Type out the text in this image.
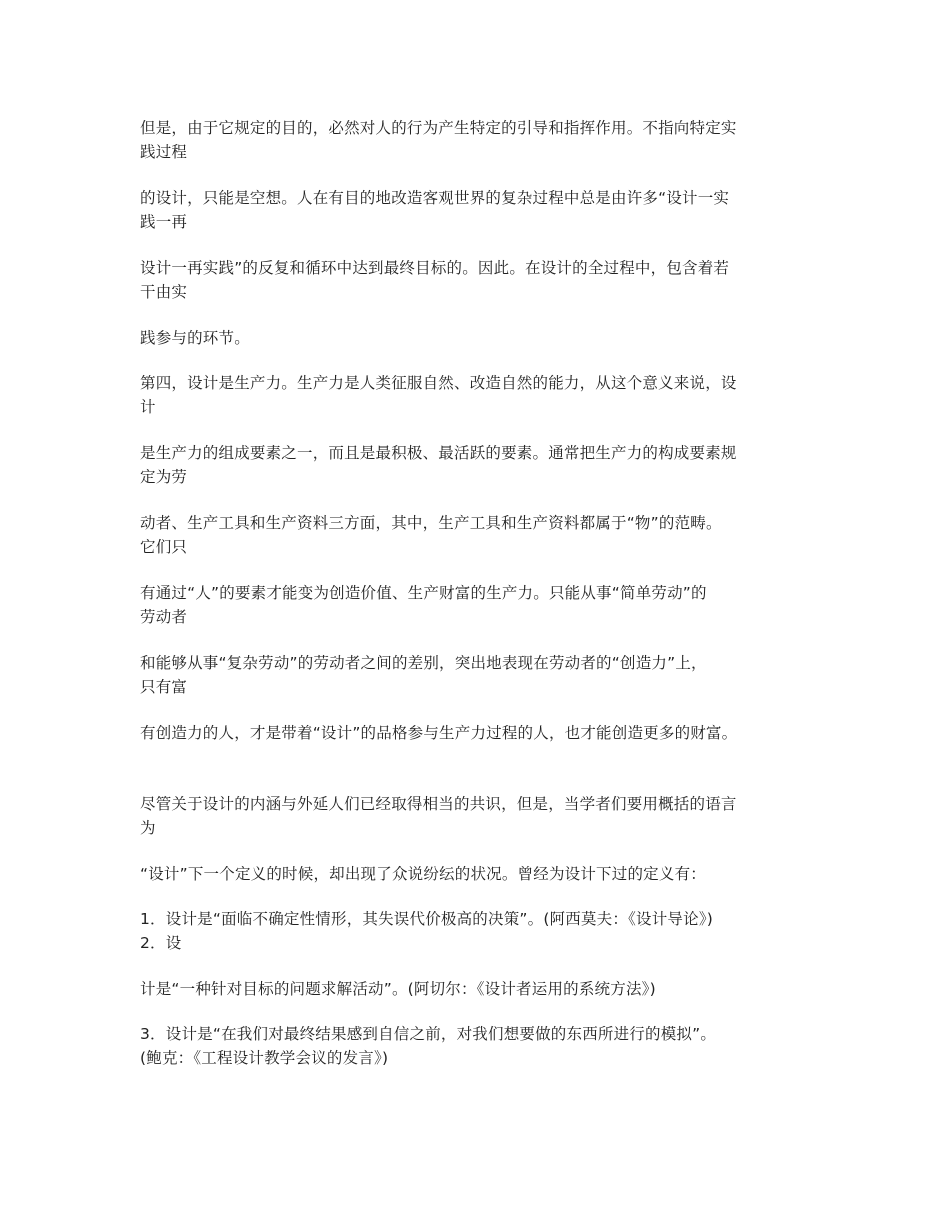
但是，由于它规定的目的，必然对人的行为产生特定的引导和指挥作用。不指向特定实
践过程

的设计，只能是空想。人在有目的地改造客观世界的复杂过程中总是由许多“设计一实
践一再

设计一再实践”的反复和循环中达到最终目标的。因此。在设计的全过程中，包含着若
干由实

践参与的环节。

第四，设计是生产力。生产力是人类征服自然、改造自然的能力，从这个意义来说，设
计

是生产力的组成要素之一，而且是最积极、最活跃的要素。通常把生产力的构成要素规
定为劳

动者、生产工具和生产资料三方面，其中，生产工具和生产资料都属于“物”的范畴。
它们只

有通过“人”的要素才能变为创造价值、生产财富的生产力。只能从事“简单劳动”的
劳动者

和能够从事“复杂劳动”的劳动者之间的差别，突出地表现在劳动者的“创造力”上，
只有富

有创造力的人，才是带着“设计”的品格参与生产力过程的人，也才能创造更多的财富。

尽管关于设计的内涵与外延人们已经取得相当的共识，但是，当学者们要用概括的语言
为

“设计”下一个定义的时候，却出现了众说纷纭的状况。曾经为设计下过的定义有：

1．设计是“面临不确定性情形，其失误代价极高的决策”。(阿西莫夫：《设计导论》)
2．设

计是“一种针对目标的问题求解活动”。(阿切尔：《设计者运用的系统方法》)

3．设计是“在我们对最终结果感到自信之前，对我们想要做的东西所进行的模拟”。
(鲍克：《工程设计教学会议的发言》)
